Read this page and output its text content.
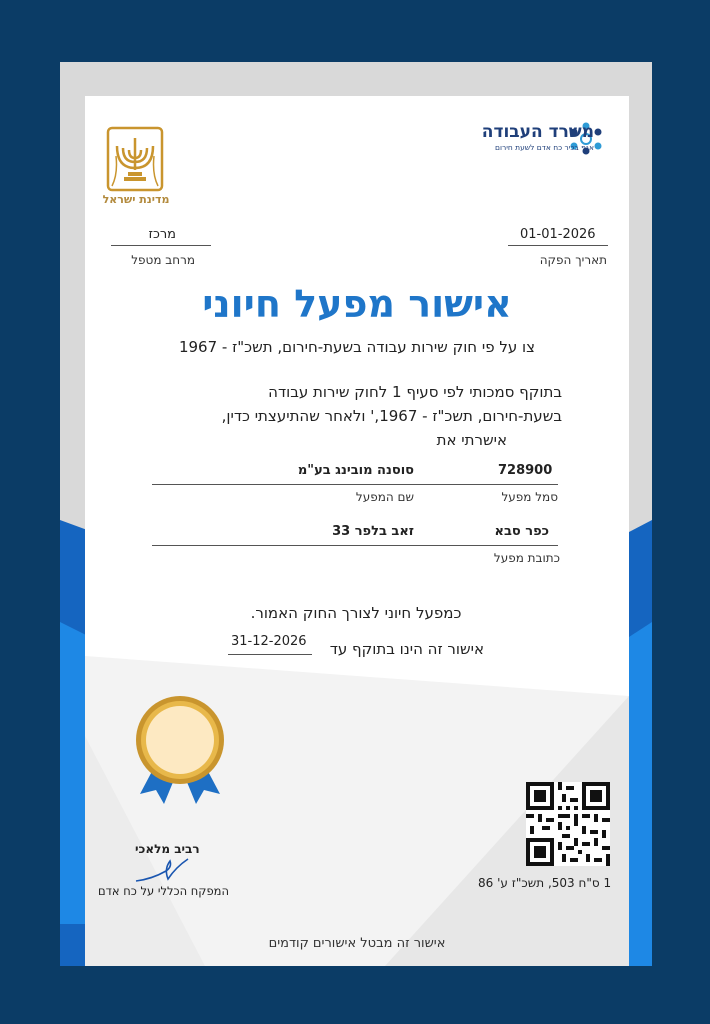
מדינת ישראל
משרד העבודה
אגף בכיר כח אדם לשעת חירום
01-01-2026
תאריך הפקה
מרכז
מרחב מטפל
אישור מפעל חיוני
צו על פי חוק שירות עבודה בשעת-חירום, תשכ"ז - 1967
בתוקף סמכותי לפי סעיף 1 לחוק שירות עבודה
בשעת-חירום, תשכ"ז - 1967,' ולאחר שהתיעצתי כדין,
אישרתי את
728900
סוסנה מובינג בע"מ
סמל מפעל
שם המפעל
כפר סבא
זאב בלפר 33
כתובת מפעל
כמפעל חיוני לצורך החוק האמור.
אישור זה הינו בתוקף עד
31-12-2026
רביב מלאכי
המפקח הכללי על כח אדם
1 ס"ח 503, תשכ"ז ע' 86
אישור זה מבטל אישורים קודמים
